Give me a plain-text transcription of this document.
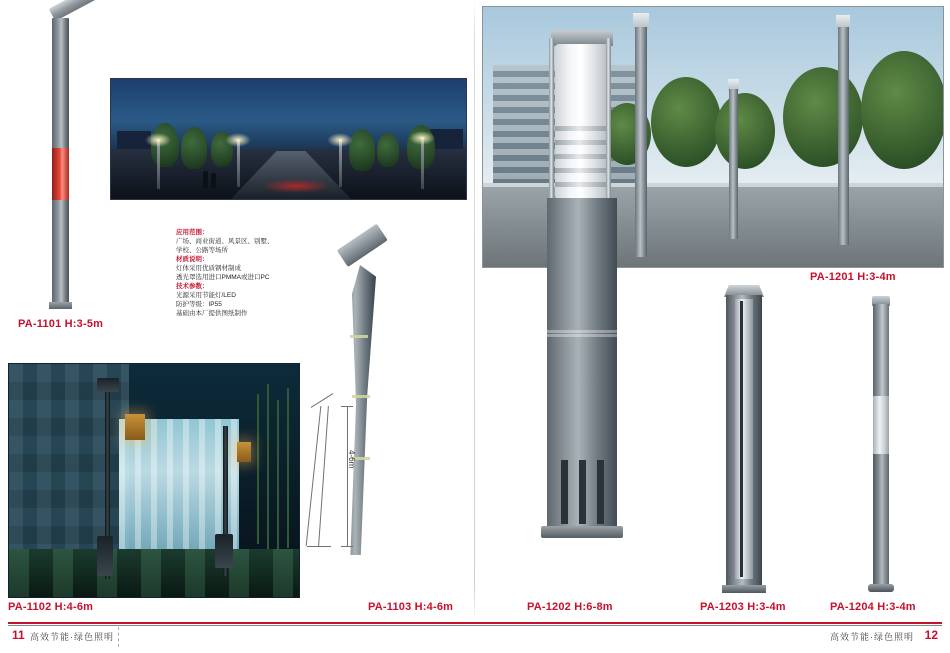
PA-1101 H:3-5m

应用范围：

广场、商业街道、风景区、别墅、

学校、公路等场所

材质说明：

灯体采用优质钢材制成

透光罩选用进口PMMA或进口PC

技术参数：

光源采用节能灯/LED

防护等级：IP55

基础由本厂提供图纸制作

PA-1102 H:4-6m
4-6m
PA-1103 H:4-6m
PA-1201 H:3-4m
PA-1202 H:6-8m	PA-1203 H:3-4m	PA-1204 H:3-4m
11 高效节能·绿色照明	高效节能·绿色照明 12
